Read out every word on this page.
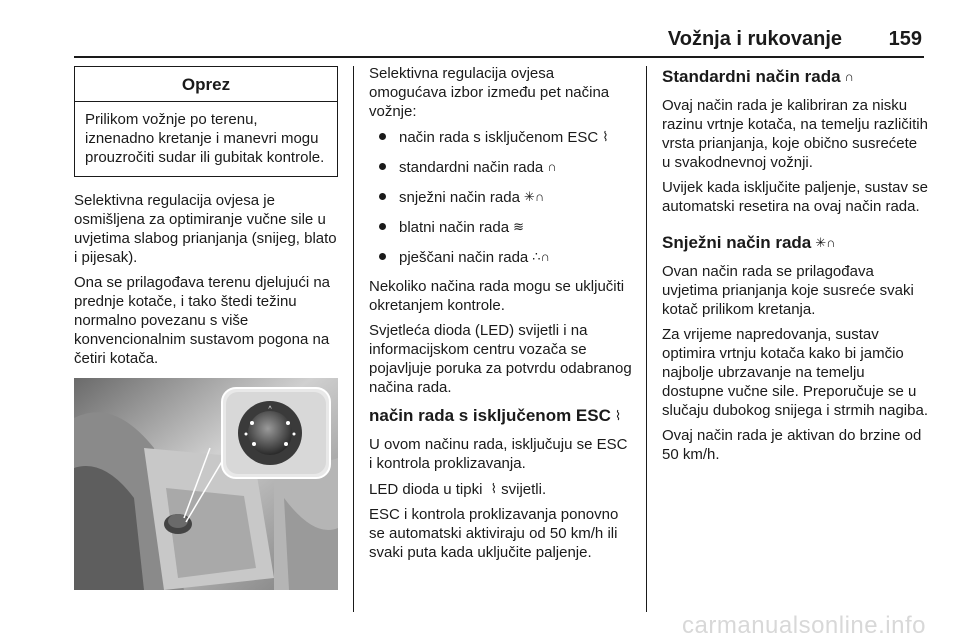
Vožnja i rukovanje 159
Oprez
Prilikom vožnje po terenu, iznenadno kretanje i manevri mogu prouzročiti sudar ili gubitak kontrole.

Selektivna regulacija ovjesa je osmišljena za optimiranje vučne sile u uvjetima slabog prianjanja (snijeg, blato i pijesak).

Ona se prilagođava terenu djelujući na prednje kotače, i tako štedi težinu normalno povezanu s više konvencionalnim sustavom pogona na četiri kotača.

^

Selektivna regulacija ovjesa omogućava izbor između pet načina vožnje:

način rada s isključenom ESC ⌇
standardni način rada ∩
snježni način rada ✳∩
blatni način rada ≋
pješčani način rada ∴∩

Nekoliko načina rada mogu se uključiti okretanjem kontrole.

Svjetleća dioda (LED) svijetli i na informacijskom centru vozača se pojavljuje poruka za potvrdu odabranog načina rada.

način rada s isključenom ESC ⌇

U ovom načinu rada, isključuju se ESC i kontrola proklizavanja.

LED dioda u tipki ⌇ svijetli.

ESC i kontrola proklizavanja ponovno se automatski aktiviraju od 50 km/h ili svaki puta kada uključite paljenje.

Standardni način rada ∩

Ovaj način rada je kalibriran za nisku razinu vrtnje kotača, na temelju različitih vrsta prianjanja, koje obično susrećete u svakodnevnoj vožnji.

Uvijek kada isključite paljenje, sustav se automatski resetira na ovaj način rada.

Snježni način rada ✳∩

Ovan način rada se prilagođava uvjetima prianjanja koje susreće svaki kotač prilikom kretanja.

Za vrijeme napredovanja, sustav optimira vrtnju kotača kako bi jamčio najbolje ubrzavanje na temelju dostupne vučne sile. Preporučuje se u slučaju dubokog snijega i strmih nagiba.

Ovaj način rada je aktivan do brzine od 50 km/h.

carmanualsonline.info
